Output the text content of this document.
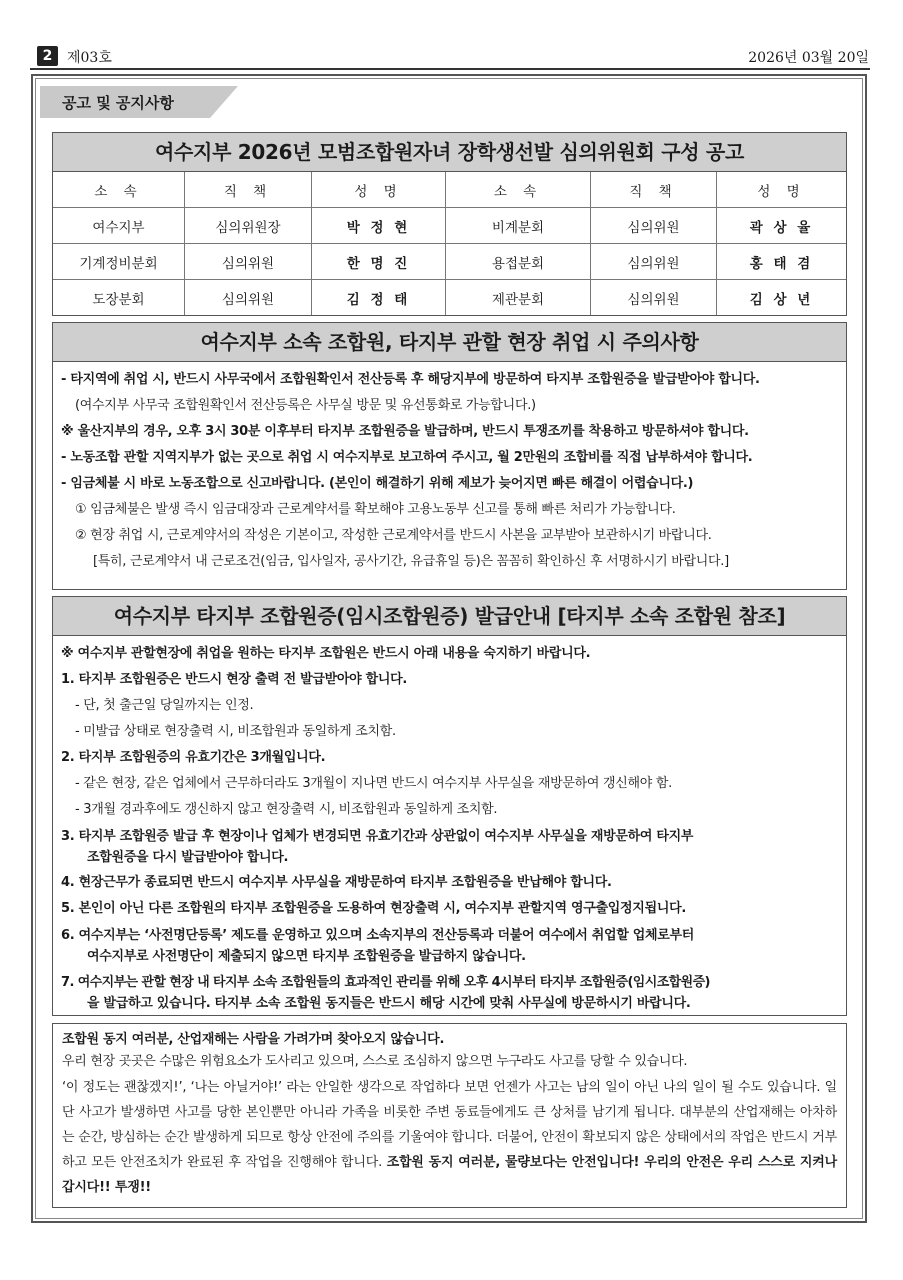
2	제03호	2026년 03월 20일
공고 및 공지사항
여수지부 2026년 모범조합원자녀 장학생선발 심의위원회 구성 공고
소 속	직 책	성 명	소 속	직 책	성 명
여수지부	심의위원장	박 정 현	비계분회	심의위원	곽 상 율
기계정비분회	심의위원	한 명 진	용접분회	심의위원	홍 태 겸
도장분회	심의위원	김 정 태	제관분회	심의위원	김 상 년
여수지부 소속 조합원, 타지부 관할 현장 취업 시 주의사항
- 타지역에 취업 시, 반드시 사무국에서 조합원확인서 전산등록 후 해당지부에 방문하여 타지부 조합원증을 발급받아야 합니다.
(여수지부 사무국 조합원확인서 전산등록은 사무실 방문 및 유선통화로 가능합니다.)
※ 울산지부의 경우, 오후 3시 30분 이후부터 타지부 조합원증을 발급하며, 반드시 투쟁조끼를 착용하고 방문하셔야 합니다.
- 노동조합 관할 지역지부가 없는 곳으로 취업 시 여수지부로 보고하여 주시고, 월 2만원의 조합비를 직접 납부하셔야 합니다.
- 임금체불 시 바로 노동조합으로 신고바랍니다. (본인이 해결하기 위해 제보가 늦어지면 빠른 해결이 어렵습니다.)
① 임금체불은 발생 즉시 임금대장과 근로계약서를 확보해야 고용노동부 신고를 통해 빠른 처리가 가능합니다.
② 현장 취업 시, 근로계약서의 작성은 기본이고, 작성한 근로계약서를 반드시 사본을 교부받아 보관하시기 바랍니다.
[특히, 근로계약서 내 근로조건(임금, 입사일자, 공사기간, 유급휴일 등)은 꼼꼼히 확인하신 후 서명하시기 바랍니다.]
여수지부 타지부 조합원증(임시조합원증) 발급안내 [타지부 소속 조합원 참조]
※ 여수지부 관할현장에 취업을 원하는 타지부 조합원은 반드시 아래 내용을 숙지하기 바랍니다.
1. 타지부 조합원증은 반드시 현장 출력 전 발급받아야 합니다.
- 단, 첫 출근일 당일까지는 인정.
- 미발급 상태로 현장출력 시, 비조합원과 동일하게 조치함.
2. 타지부 조합원증의 유효기간은 3개월입니다.
- 같은 현장, 같은 업체에서 근무하더라도 3개월이 지나면 반드시 여수지부 사무실을 재방문하여 갱신해야 함.
- 3개월 경과후에도 갱신하지 않고 현장출력 시, 비조합원과 동일하게 조치함.
3. 타지부 조합원증 발급 후 현장이나 업체가 변경되면 유효기간과 상관없이 여수지부 사무실을 재방문하여 타지부
조합원증을 다시 발급받아야 합니다.
4. 현장근무가 종료되면 반드시 여수지부 사무실을 재방문하여 타지부 조합원증을 반납해야 합니다.
5. 본인이 아닌 다른 조합원의 타지부 조합원증을 도용하여 현장출력 시, 여수지부 관할지역 영구출입정지됩니다.
6. 여수지부는 ‘사전명단등록’ 제도를 운영하고 있으며 소속지부의 전산등록과 더불어 여수에서 취업할 업체로부터
여수지부로 사전명단이 제출되지 않으면 타지부 조합원증을 발급하지 않습니다.
7. 여수지부는 관할 현장 내 타지부 소속 조합원들의 효과적인 관리를 위해 오후 4시부터 타지부 조합원증(임시조합원증)
을 발급하고 있습니다. 타지부 소속 조합원 동지들은 반드시 해당 시간에 맞춰 사무실에 방문하시기 바랍니다.
조합원 동지 여러분, 산업재해는 사람을 가려가며 찾아오지 않습니다.
우리 현장 곳곳은 수많은 위험요소가 도사리고 있으며, 스스로 조심하지 않으면 누구라도 사고를 당할 수 있습니다.

‘이 정도는 괜찮겠지!’, ‘나는 아닐거야!’ 라는 안일한 생각으로 작업하다 보면 언젠가 사고는 남의 일이 아닌 나의 일이 될 수도 있습니다. 일단 사고가 발생하면 사고를 당한 본인뿐만 아니라 가족을 비롯한 주변 동료들에게도 큰 상처를 남기게 됩니다. 대부분의 산업재해는 아차하는 순간, 방심하는 순간 발생하게 되므로 항상 안전에 주의를 기울여야 합니다. 더불어, 안전이 확보되지 않은 상태에서의 작업은 반드시 거부하고 모든 안전조치가 완료된 후 작업을 진행해야 합니다. 조합원 동지 여러분, 물량보다는 안전입니다! 우리의 안전은 우리 스스로 지켜나갑시다!! 투쟁!!
